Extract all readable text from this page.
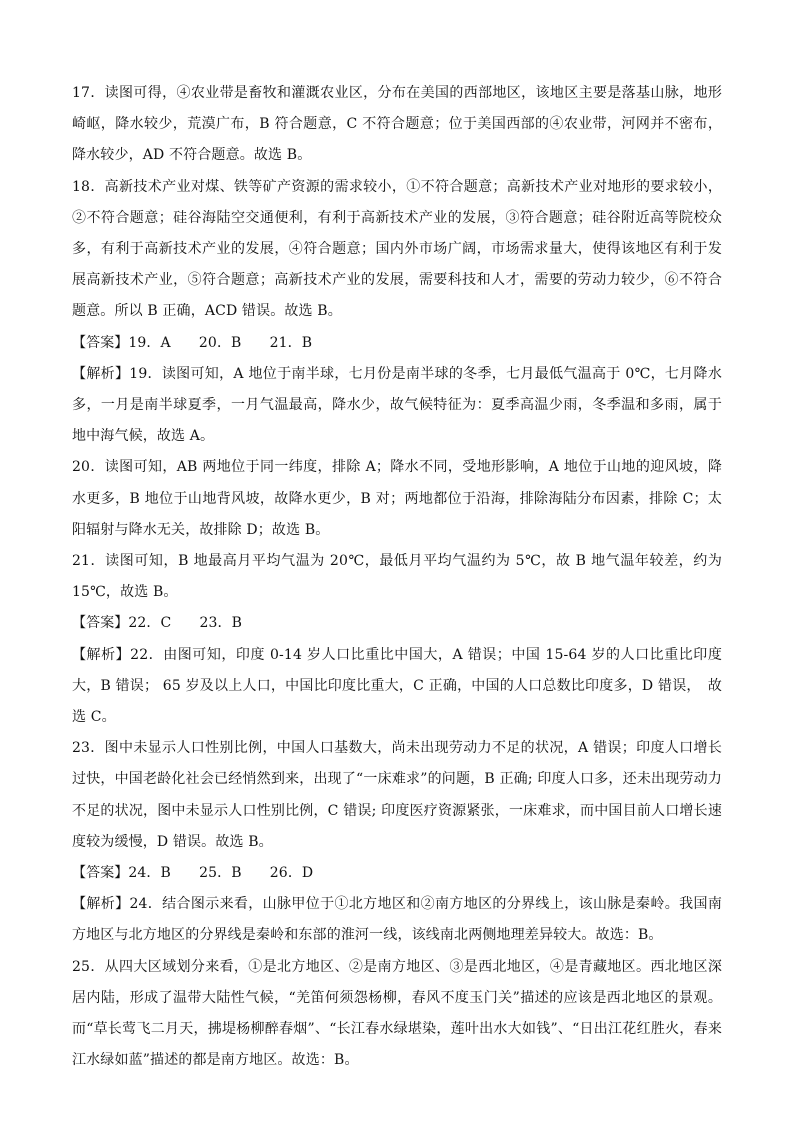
17．读图可得，④农业带是畜牧和灌溉农业区，分布在美国的西部地区，该地区主要是落基山脉，地形崎岖，降水较少，荒漠广布，B 符合题意，C 不符合题意；位于美国西部的④农业带，河网并不密布，降水较少，AD 不符合题意。故选 B。

18．高新技术产业对煤、铁等矿产资源的需求较小，①不符合题意；高新技术产业对地形的要求较小，②不符合题意；硅谷海陆空交通便利，有利于高新技术产业的发展，③符合题意；硅谷附近高等院校众多，有利于高新技术产业的发展，④符合题意；国内外市场广阔，市场需求量大，使得该地区有利于发展高新技术产业，⑤符合题意；高新技术产业的发展，需要科技和人才，需要的劳动力较少，⑥不符合题意。所以 B 正确，ACD 错误。故选 B。

【答案】19．A　　20．B　　21．B

【解析】19．读图可知，A 地位于南半球，七月份是南半球的冬季，七月最低气温高于 0℃，七月降水多，一月是南半球夏季，一月气温最高，降水少，故气候特征为：夏季高温少雨，冬季温和多雨，属于地中海气候，故选 A。

20．读图可知，AB 两地位于同一纬度，排除 A；降水不同，受地形影响，A 地位于山地的迎风坡，降水更多，B 地位于山地背风坡，故降水更少，B 对；两地都位于沿海，排除海陆分布因素，排除 C；太阳辐射与降水无关，故排除 D；故选 B。

21．读图可知，B 地最高月平均气温为 20℃，最低月平均气温约为 5℃，故 B 地气温年较差，约为 15℃，故选 B。

【答案】22．C　　23．B

【解析】22．由图可知，印度 0-14 岁人口比重比中国大，A 错误；中国 15-64 岁的人口比重比印度大，B 错误； 65 岁及以上人口，中国比印度比重大，C 正确，中国的人口总数比印度多，D 错误，　故选 C。

23．图中未显示人口性别比例，中国人口基数大，尚未出现劳动力不足的状况，A 错误；印度人口增长过快，中国老龄化社会已经悄然到来，出现了“一床难求”的问题，B 正确; 印度人口多，还未出现劳动力不足的状况，图中未显示人口性别比例，C 错误; 印度医疗资源紧张，一床难求，而中国目前人口增长速度较为缓慢，D 错误。故选 B。

【答案】24．B　　25．B　　26．D

【解析】24．结合图示来看，山脉甲位于①北方地区和②南方地区的分界线上，该山脉是秦岭。我国南方地区与北方地区的分界线是秦岭和东部的淮河一线，该线南北两侧地理差异较大。故选：B。

25．从四大区域划分来看，①是北方地区、②是南方地区、③是西北地区，④是青藏地区。西北地区深居内陆，形成了温带大陆性气候，“羌笛何须怨杨柳，春风不度玉门关”描述的应该是西北地区的景观。而“草长莺飞二月天，拂堤杨柳醉春烟”、“长江春水绿堪染，莲叶出水大如钱”、“日出江花红胜火，春来江水绿如蓝”描述的都是南方地区。故选：B。
